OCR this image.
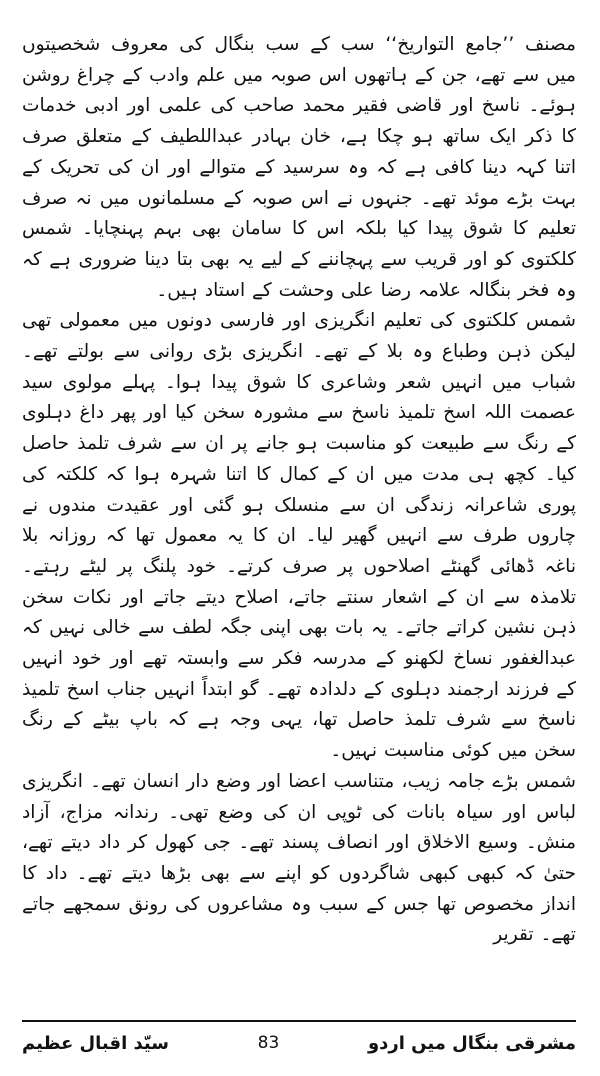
مصنف ’’جامع التواریخ‘‘ سب کے سب بنگال کی معروف شخصیتوں میں سے تھے، جن کے ہاتھوں اس صوبہ میں علم وادب کے چراغ روشن ہوئے۔ ناسخ اور قاضی فقیر محمد صاحب کی علمی اور ادبی خدمات کا ذکر ایک ساتھ ہو چکا ہے، خان بہادر عبداللطیف کے متعلق صرف اتنا کہہ دینا کافی ہے کہ وہ سرسید کے متوالے اور ان کی تحریک کے بہت بڑے موئد تھے۔ جنہوں نے اس صوبہ کے مسلمانوں میں نہ صرف تعلیم کا شوق پیدا کیا بلکہ اس کا سامان بھی بہم پہنچایا۔ شمس کلکتوی کو اور قریب سے پہچاننے کے لیے یہ بھی بتا دینا ضروری ہے کہ وہ فخر بنگالہ علامہ رضا علی وحشت کے استاد ہیں۔

شمس کلکتوی کی تعلیم انگریزی اور فارسی دونوں میں معمولی تھی لیکن ذہن وطباع وہ بلا کے تھے۔ انگریزی بڑی روانی سے بولتے تھے۔ شباب میں انہیں شعر وشاعری کا شوق پیدا ہوا۔ پہلے مولوی سید عصمت اللہ اسخ تلمیذ ناسخ سے مشورہ سخن کیا اور پھر داغ دہلوی کے رنگ سے طبیعت کو مناسبت ہو جانے پر ان سے شرف تلمذ حاصل کیا۔ کچھ ہی مدت میں ان کے کمال کا اتنا شہرہ ہوا کہ کلکتہ کی پوری شاعرانہ زندگی ان سے منسلک ہو گئی اور عقیدت مندوں نے چاروں طرف سے انہیں گھیر لیا۔ ان کا یہ معمول تھا کہ روزانہ بلا ناغہ ڈھائی گھنٹے اصلاحوں پر صرف کرتے۔ خود پلنگ پر لیٹے رہتے۔ تلامذہ سے ان کے اشعار سنتے جاتے، اصلاح دیتے جاتے اور نکات سخن ذہن نشین کراتے جاتے۔ یہ بات بھی اپنی جگہ لطف سے خالی نہیں کہ عبدالغفور نساخ لکھنو کے مدرسہ فکر سے وابستہ تھے اور خود انہیں کے فرزند ارجمند دہلوی کے دلدادہ تھے۔ گو ابتداً انہیں جناب اسخ تلمیذ ناسخ سے شرف تلمذ حاصل تھا، یہی وجہ ہے کہ باپ بیٹے کے رنگ سخن میں کوئی مناسبت نہیں۔

شمس بڑے جامہ زیب، متناسب اعضا اور وضع دار انسان تھے۔ انگریزی لباس اور سیاہ بانات کی ٹوپی ان کی وضع تھی۔ رندانہ مزاج، آزاد منش۔ وسیع الاخلاق اور انصاف پسند تھے۔ جی کھول کر داد دیتے تھے، حتیٰ کہ کبھی کبھی شاگردوں کو اپنے سے بھی بڑھا دیتے تھے۔ داد کا انداز مخصوص تھا جس کے سبب وہ مشاعروں کی رونق سمجھے جاتے تھے۔ تقریر

سیّد اقبال عظیم	83	مشرقی بنگال میں اردو
